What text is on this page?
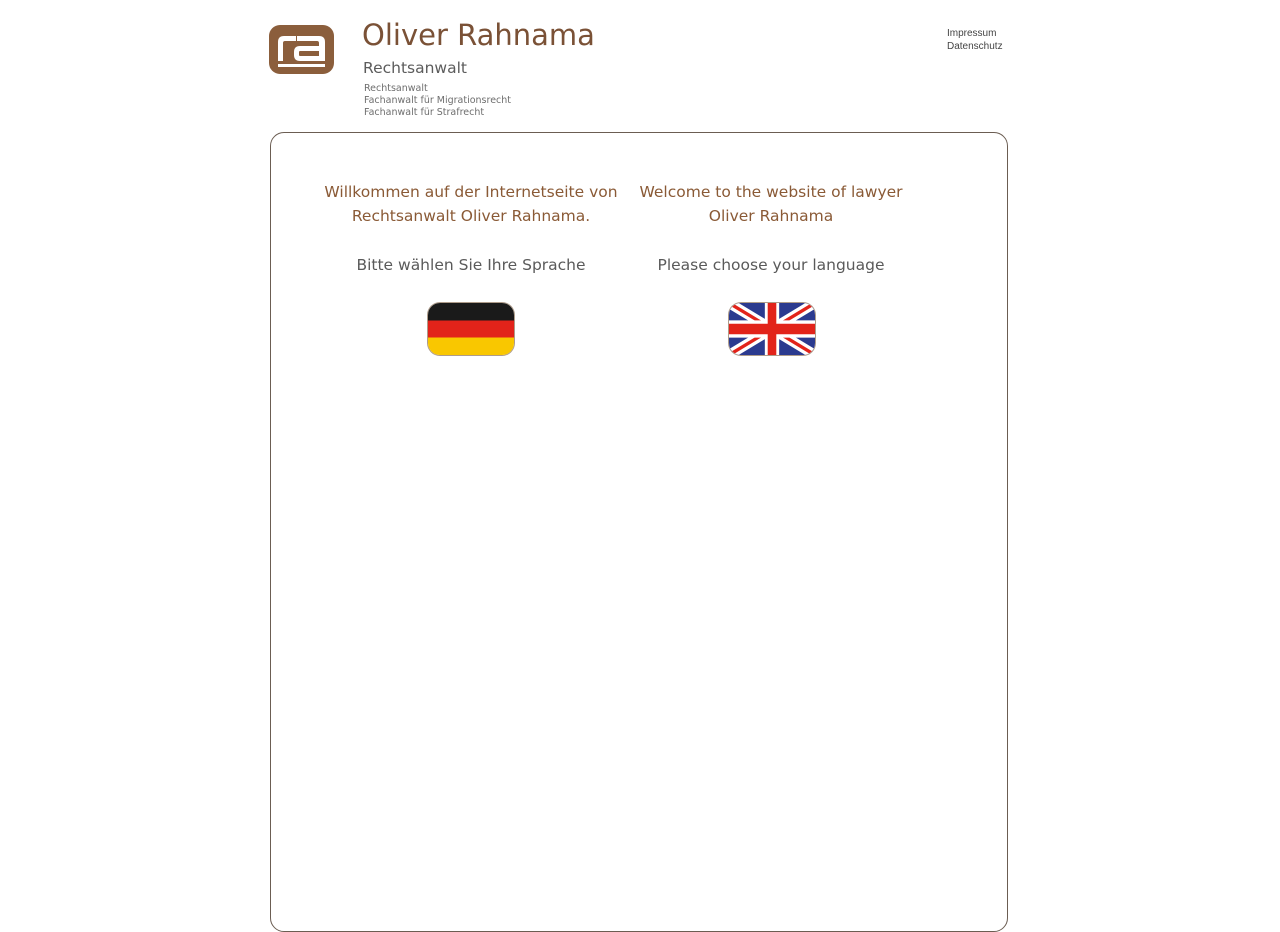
Oliver Rahnama
Rechtsanwalt
Rechtsanwalt
Fachanwalt für Migrationsrecht
Fachanwalt für Strafrecht
Impressum
Datenschutz
Willkommen auf der Internetseite von
Rechtsanwalt Oliver Rahnama.
Bitte wählen Sie Ihre Sprache
Welcome to the website of lawyer
Oliver Rahnama
Please choose your language
